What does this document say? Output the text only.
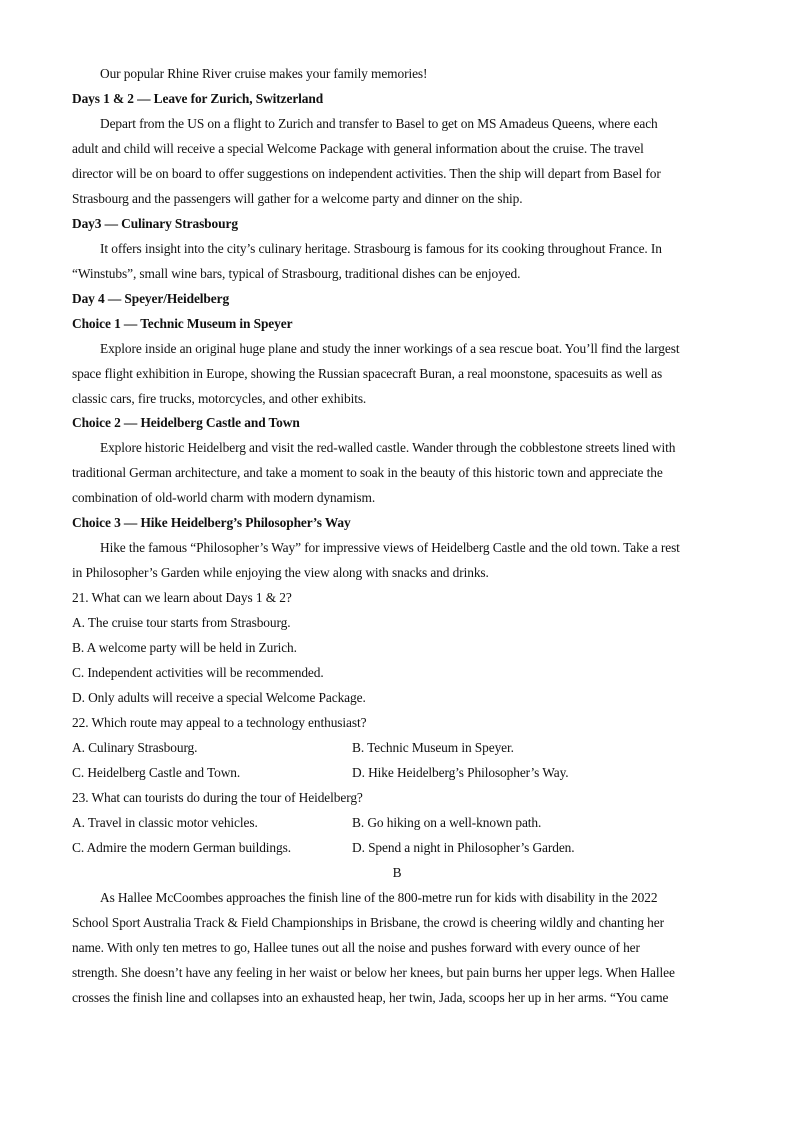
Our popular Rhine River cruise makes your family memories!
Days 1 & 2 — Leave for Zurich, Switzerland
Depart from the US on a flight to Zurich and transfer to Basel to get on MS Amadeus Queens, where each
adult and child will receive a special Welcome Package with general information about the cruise. The travel
director will be on board to offer suggestions on independent activities. Then the ship will depart from Basel for
Strasbourg and the passengers will gather for a welcome party and dinner on the ship.
Day3 — Culinary Strasbourg
It offers insight into the city’s culinary heritage. Strasbourg is famous for its cooking throughout France. In
“Winstubs”, small wine bars, typical of Strasbourg, traditional dishes can be enjoyed.
Day 4 — Speyer/Heidelberg
Choice 1 — Technic Museum in Speyer
Explore inside an original huge plane and study the inner workings of a sea rescue boat. You’ll find the largest
space flight exhibition in Europe, showing the Russian spacecraft Buran, a real moonstone, spacesuits as well as
classic cars, fire trucks, motorcycles, and other exhibits.
Choice 2 — Heidelberg Castle and Town
Explore historic Heidelberg and visit the red-walled castle. Wander through the cobblestone streets lined with
traditional German architecture, and take a moment to soak in the beauty of this historic town and appreciate the
combination of old-world charm with modern dynamism.
Choice 3 — Hike Heidelberg’s Philosopher’s Way
Hike the famous “Philosopher’s Way” for impressive views of Heidelberg Castle and the old town. Take a rest
in Philosopher’s Garden while enjoying the view along with snacks and drinks.
21. What can we learn about Days 1 & 2?
A. The cruise tour starts from Strasbourg.
B. A welcome party will be held in Zurich.
C. Independent activities will be recommended.
D. Only adults will receive a special Welcome Package.
22. Which route may appeal to a technology enthusiast?
A. Culinary Strasbourg.	B. Technic Museum in Speyer.
C. Heidelberg Castle and Town.	D. Hike Heidelberg’s Philosopher’s Way.
23. What can tourists do during the tour of Heidelberg?
A. Travel in classic motor vehicles.	B. Go hiking on a well-known path.
C. Admire the modern German buildings.	D. Spend a night in Philosopher’s Garden.
B
As Hallee McCoombes approaches the finish line of the 800-metre run for kids with disability in the 2022
School Sport Australia Track & Field Championships in Brisbane, the crowd is cheering wildly and chanting her
name. With only ten metres to go, Hallee tunes out all the noise and pushes forward with every ounce of her
strength. She doesn’t have any feeling in her waist or below her knees, but pain burns her upper legs. When Hallee
crosses the finish line and collapses into an exhausted heap, her twin, Jada, scoops her up in her arms. “You came
